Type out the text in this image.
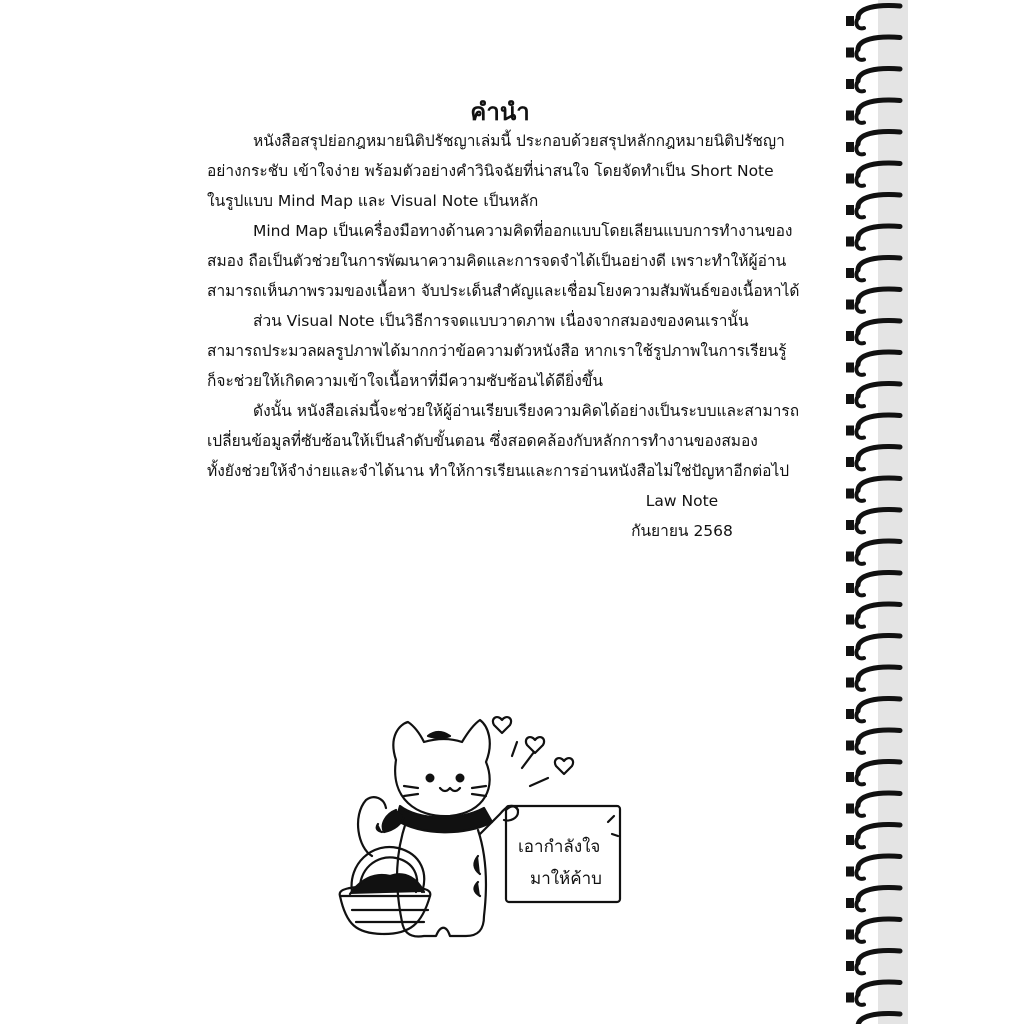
คำนำ
หนังสือสรุปย่อกฎหมายนิติปรัชญาเล่มนี้ ประกอบด้วยสรุปหลักกฎหมายนิติปรัชญา
อย่างกระชับ เข้าใจง่าย พร้อมตัวอย่างคำวินิจฉัยที่น่าสนใจ โดยจัดทำเป็น Short Note
ในรูปแบบ Mind Map และ Visual Note เป็นหลัก
Mind Map เป็นเครื่องมือทางด้านความคิดที่ออกแบบโดยเลียนแบบการทำงานของ
สมอง ถือเป็นตัวช่วยในการพัฒนาความคิดและการจดจำได้เป็นอย่างดี เพราะทำให้ผู้อ่าน
สามารถเห็นภาพรวมของเนื้อหา จับประเด็นสำคัญและเชื่อมโยงความสัมพันธ์ของเนื้อหาได้
ส่วน Visual Note เป็นวิธีการจดแบบวาดภาพ เนื่องจากสมองของคนเรานั้น
สามารถประมวลผลรูปภาพได้มากกว่าข้อความตัวหนังสือ หากเราใช้รูปภาพในการเรียนรู้
ก็จะช่วยให้เกิดความเข้าใจเนื้อหาที่มีความซับซ้อนได้ดียิ่งขึ้น
ดังนั้น หนังสือเล่มนี้จะช่วยให้ผู้อ่านเรียบเรียงความคิดได้อย่างเป็นระบบและสามารถ
เปลี่ยนข้อมูลที่ซับซ้อนให้เป็นลำดับขั้นตอน ซึ่งสอดคล้องกับหลักการทำงานของสมอง
ทั้งยังช่วยให้จำง่ายและจำได้นาน ทำให้การเรียนและการอ่านหนังสือไม่ใช่ปัญหาอีกต่อไป
Law Note
กันยายน 2568
เอากำลังใจ
มาให้ค้าบ
